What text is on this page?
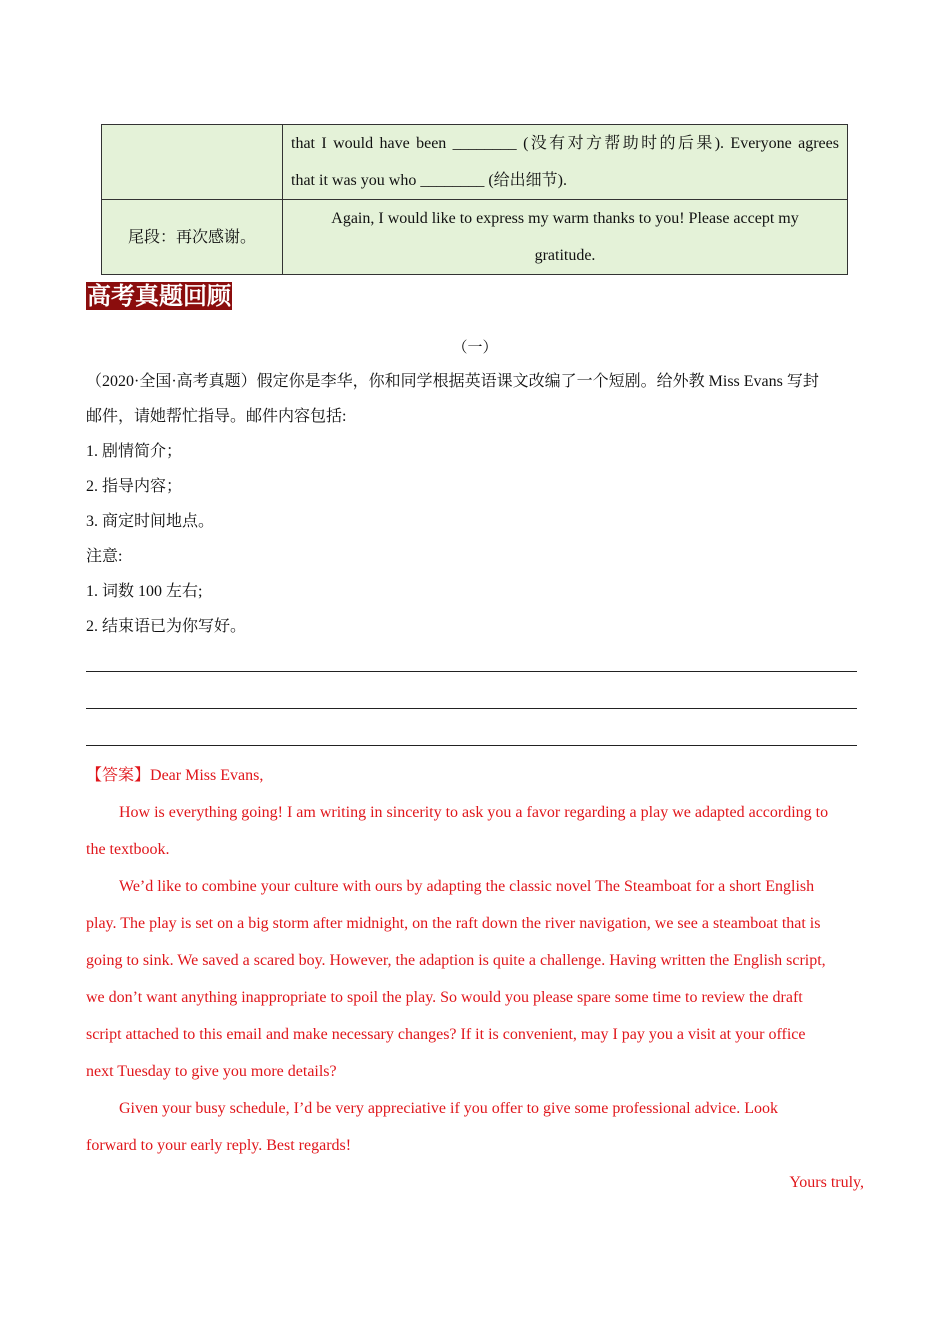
	that I would have been ________ (没有对方帮助时的后果). Everyone agrees
that it was you who ________ (给出细节).
尾段：再次感谢。	Again, I would like to express my warm thanks to you! Please accept my
gratitude.
高考真题回顾
（一）

（2020·全国·高考真题）假定你是李华，你和同学根据英语课文改编了一个短剧。给外教 Miss Evans 写封

邮件，请她帮忙指导。邮件内容包括:

1. 剧情简介；

2. 指导内容；

3. 商定时间地点。

注意:

1. 词数 100 左右;

2. 结束语已为你写好。

【答案】Dear Miss Evans,

How is everything going! I am writing in sincerity to ask you a favor regarding a play we adapted according to

the textbook.

We’d like to combine your culture with ours by adapting the classic novel The Steamboat for a short English

play. The play is set on a big storm after midnight, on the raft down the river navigation, we see a steamboat that is

going to sink. We saved a scared boy. However, the adaption is quite a challenge. Having written the English script,

we don’t want anything inappropriate to spoil the play. So would you please spare some time to review the draft

script attached to this email and make necessary changes? If it is convenient, may I pay you a visit at your office

next Tuesday to give you more details?

Given your busy schedule, I’d be very appreciative if you offer to give some professional advice. Look

forward to your early reply. Best regards!

Yours truly,
